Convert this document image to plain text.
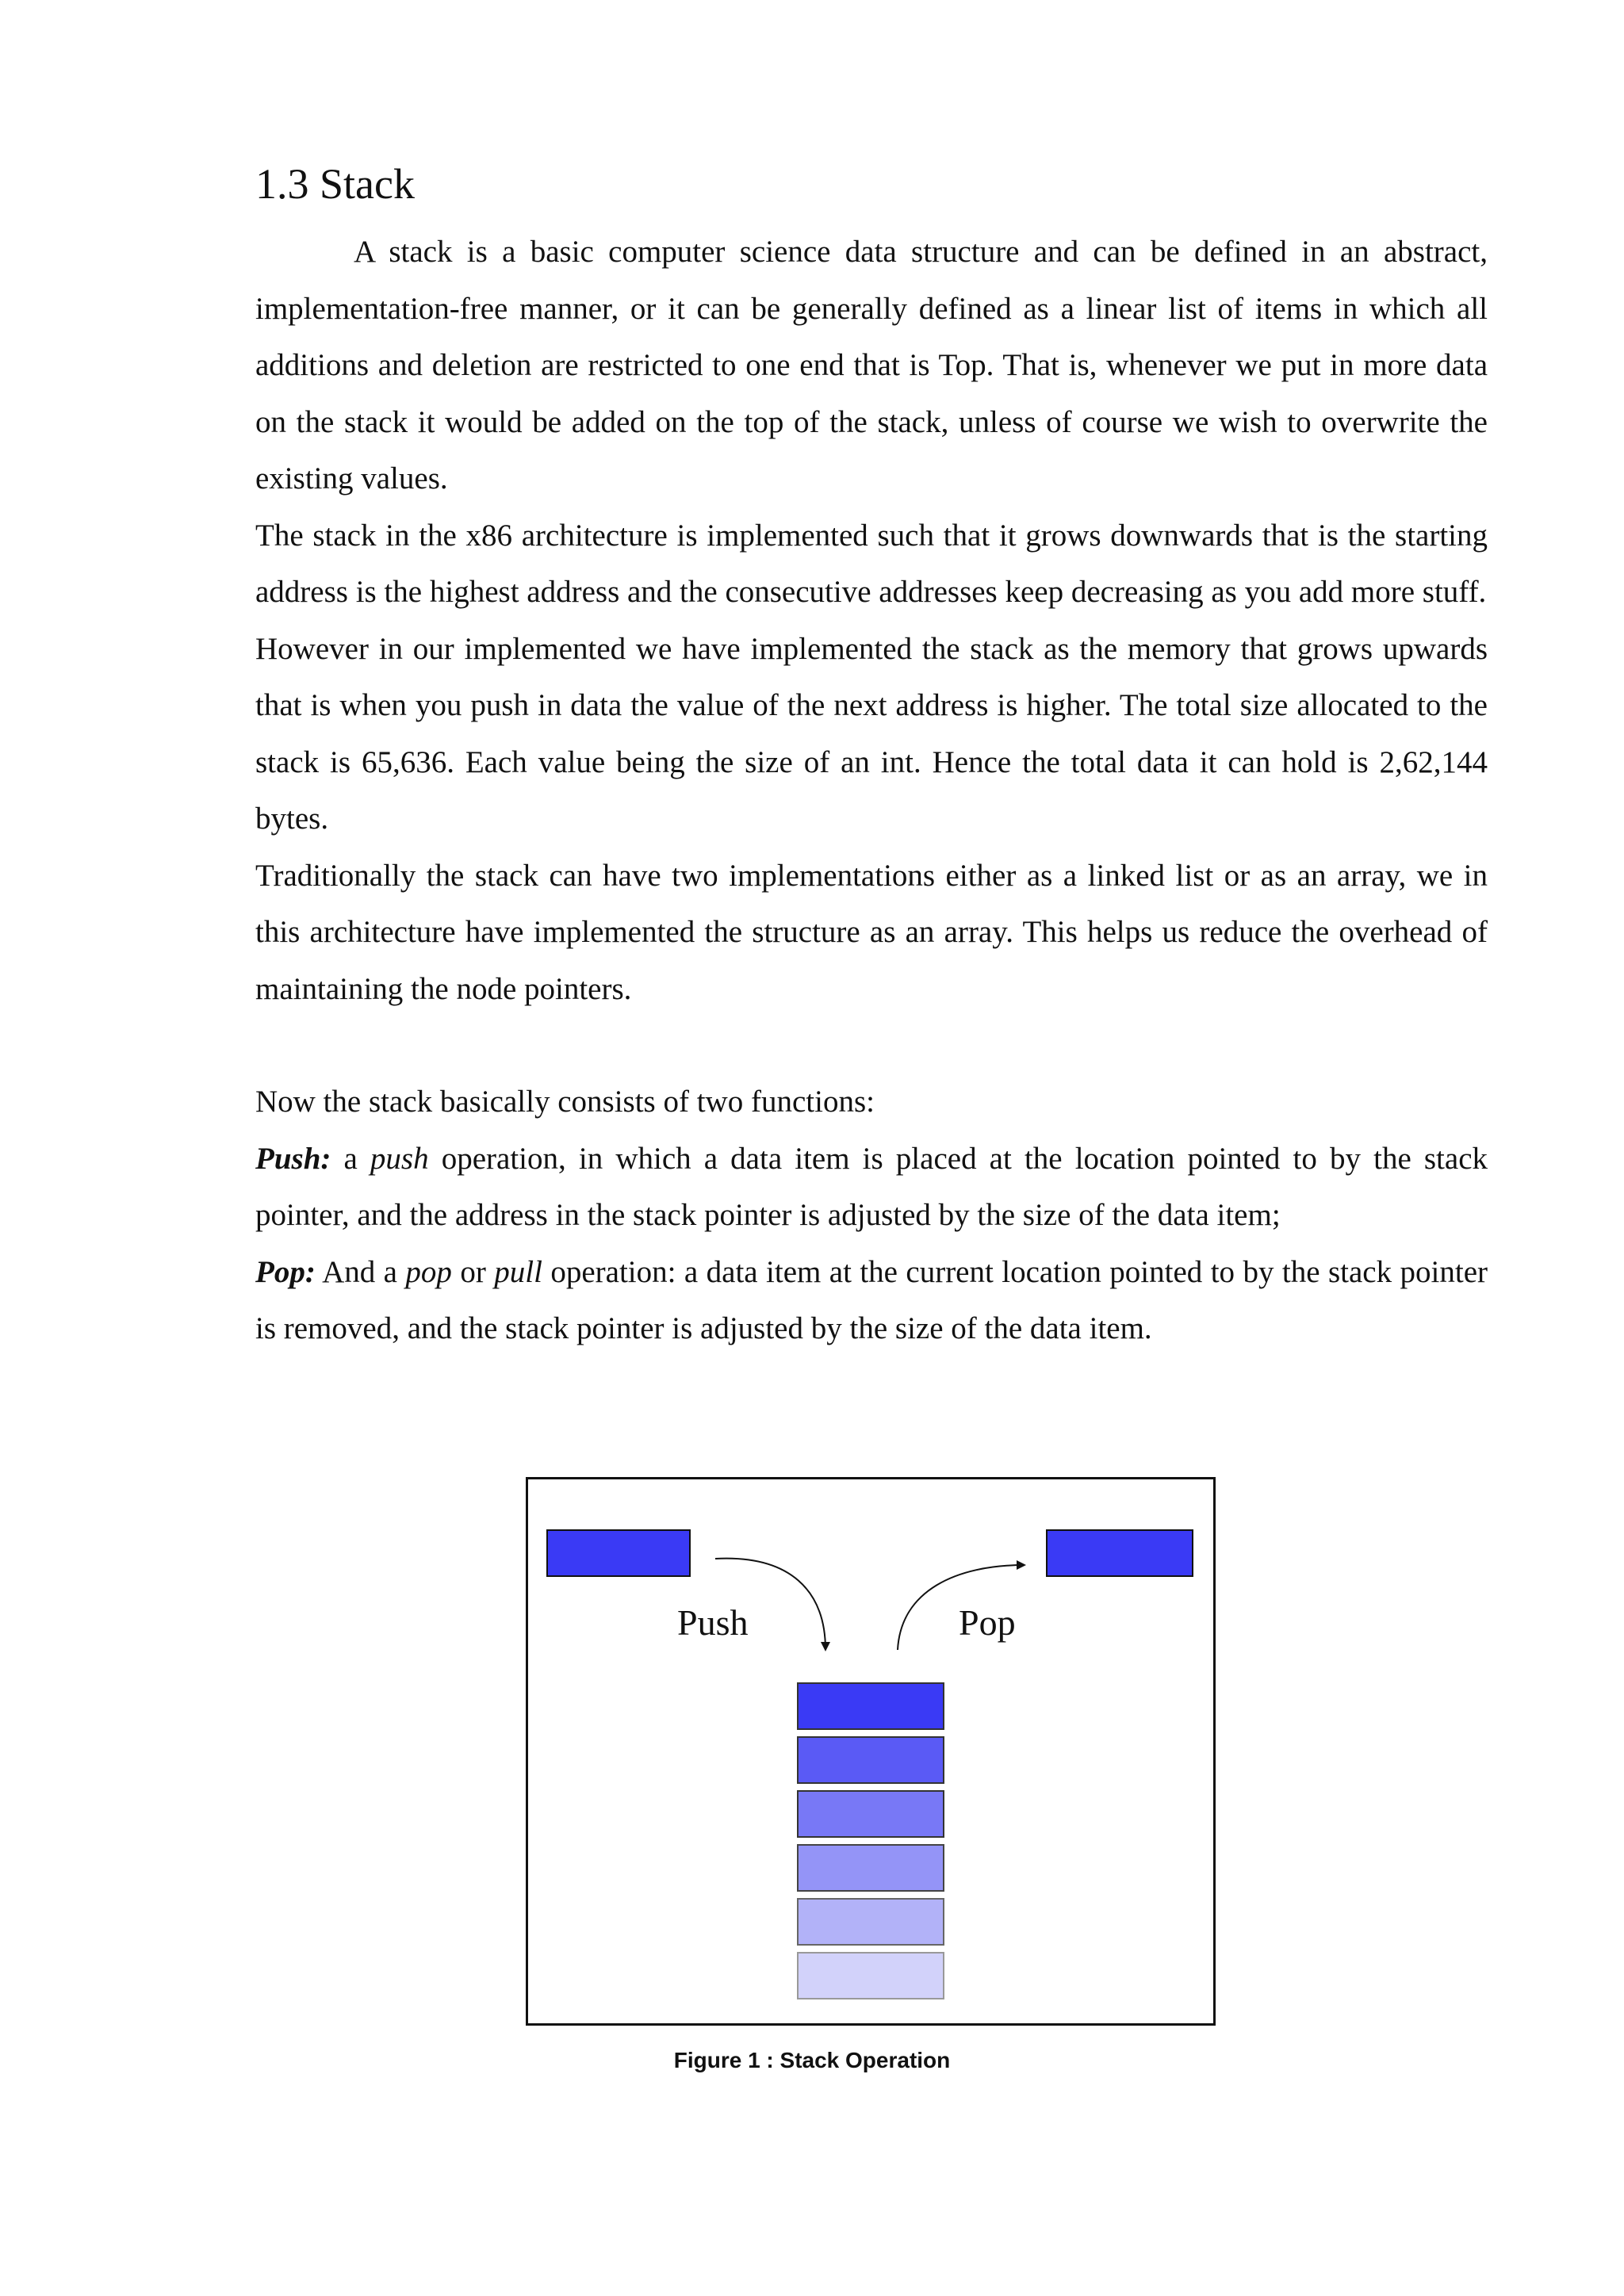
1.3 Stack

A stack is a basic computer science data structure and can be defined in an abstract, implementation-free manner, or it can be generally defined as a linear list of items in which all additions and deletion are restricted to one end that is Top. That is, whenever we put in more data on the stack it would be added on the top of the stack, unless of course we wish to overwrite the existing values.

The stack in the x86 architecture is implemented such that it grows downwards that is the starting address is the highest address and the consecutive addresses keep decreasing as you add more stuff.

However in our implemented we have implemented the stack as the memory that grows upwards that is when you push in data the value of the next address is higher. The total size allocated to the stack is 65,636. Each value being the size of an int. Hence the total data it can hold is 2,62,144 bytes.

Traditionally the stack can have two implementations either as a linked list or as an array, we in this architecture have implemented the structure as an array. This helps us reduce the overhead of maintaining the node pointers.

Now the stack basically consists of two functions:

Push: a push operation, in which a data item is placed at the location pointed to by the stack pointer, and the address in the stack pointer is adjusted by the size of the data item;

Pop: And a pop or pull operation: a data item at the current location pointed to by the stack pointer is removed, and the stack pointer is adjusted by the size of the data item.

Push	Pop
Figure 1 : Stack Operation
